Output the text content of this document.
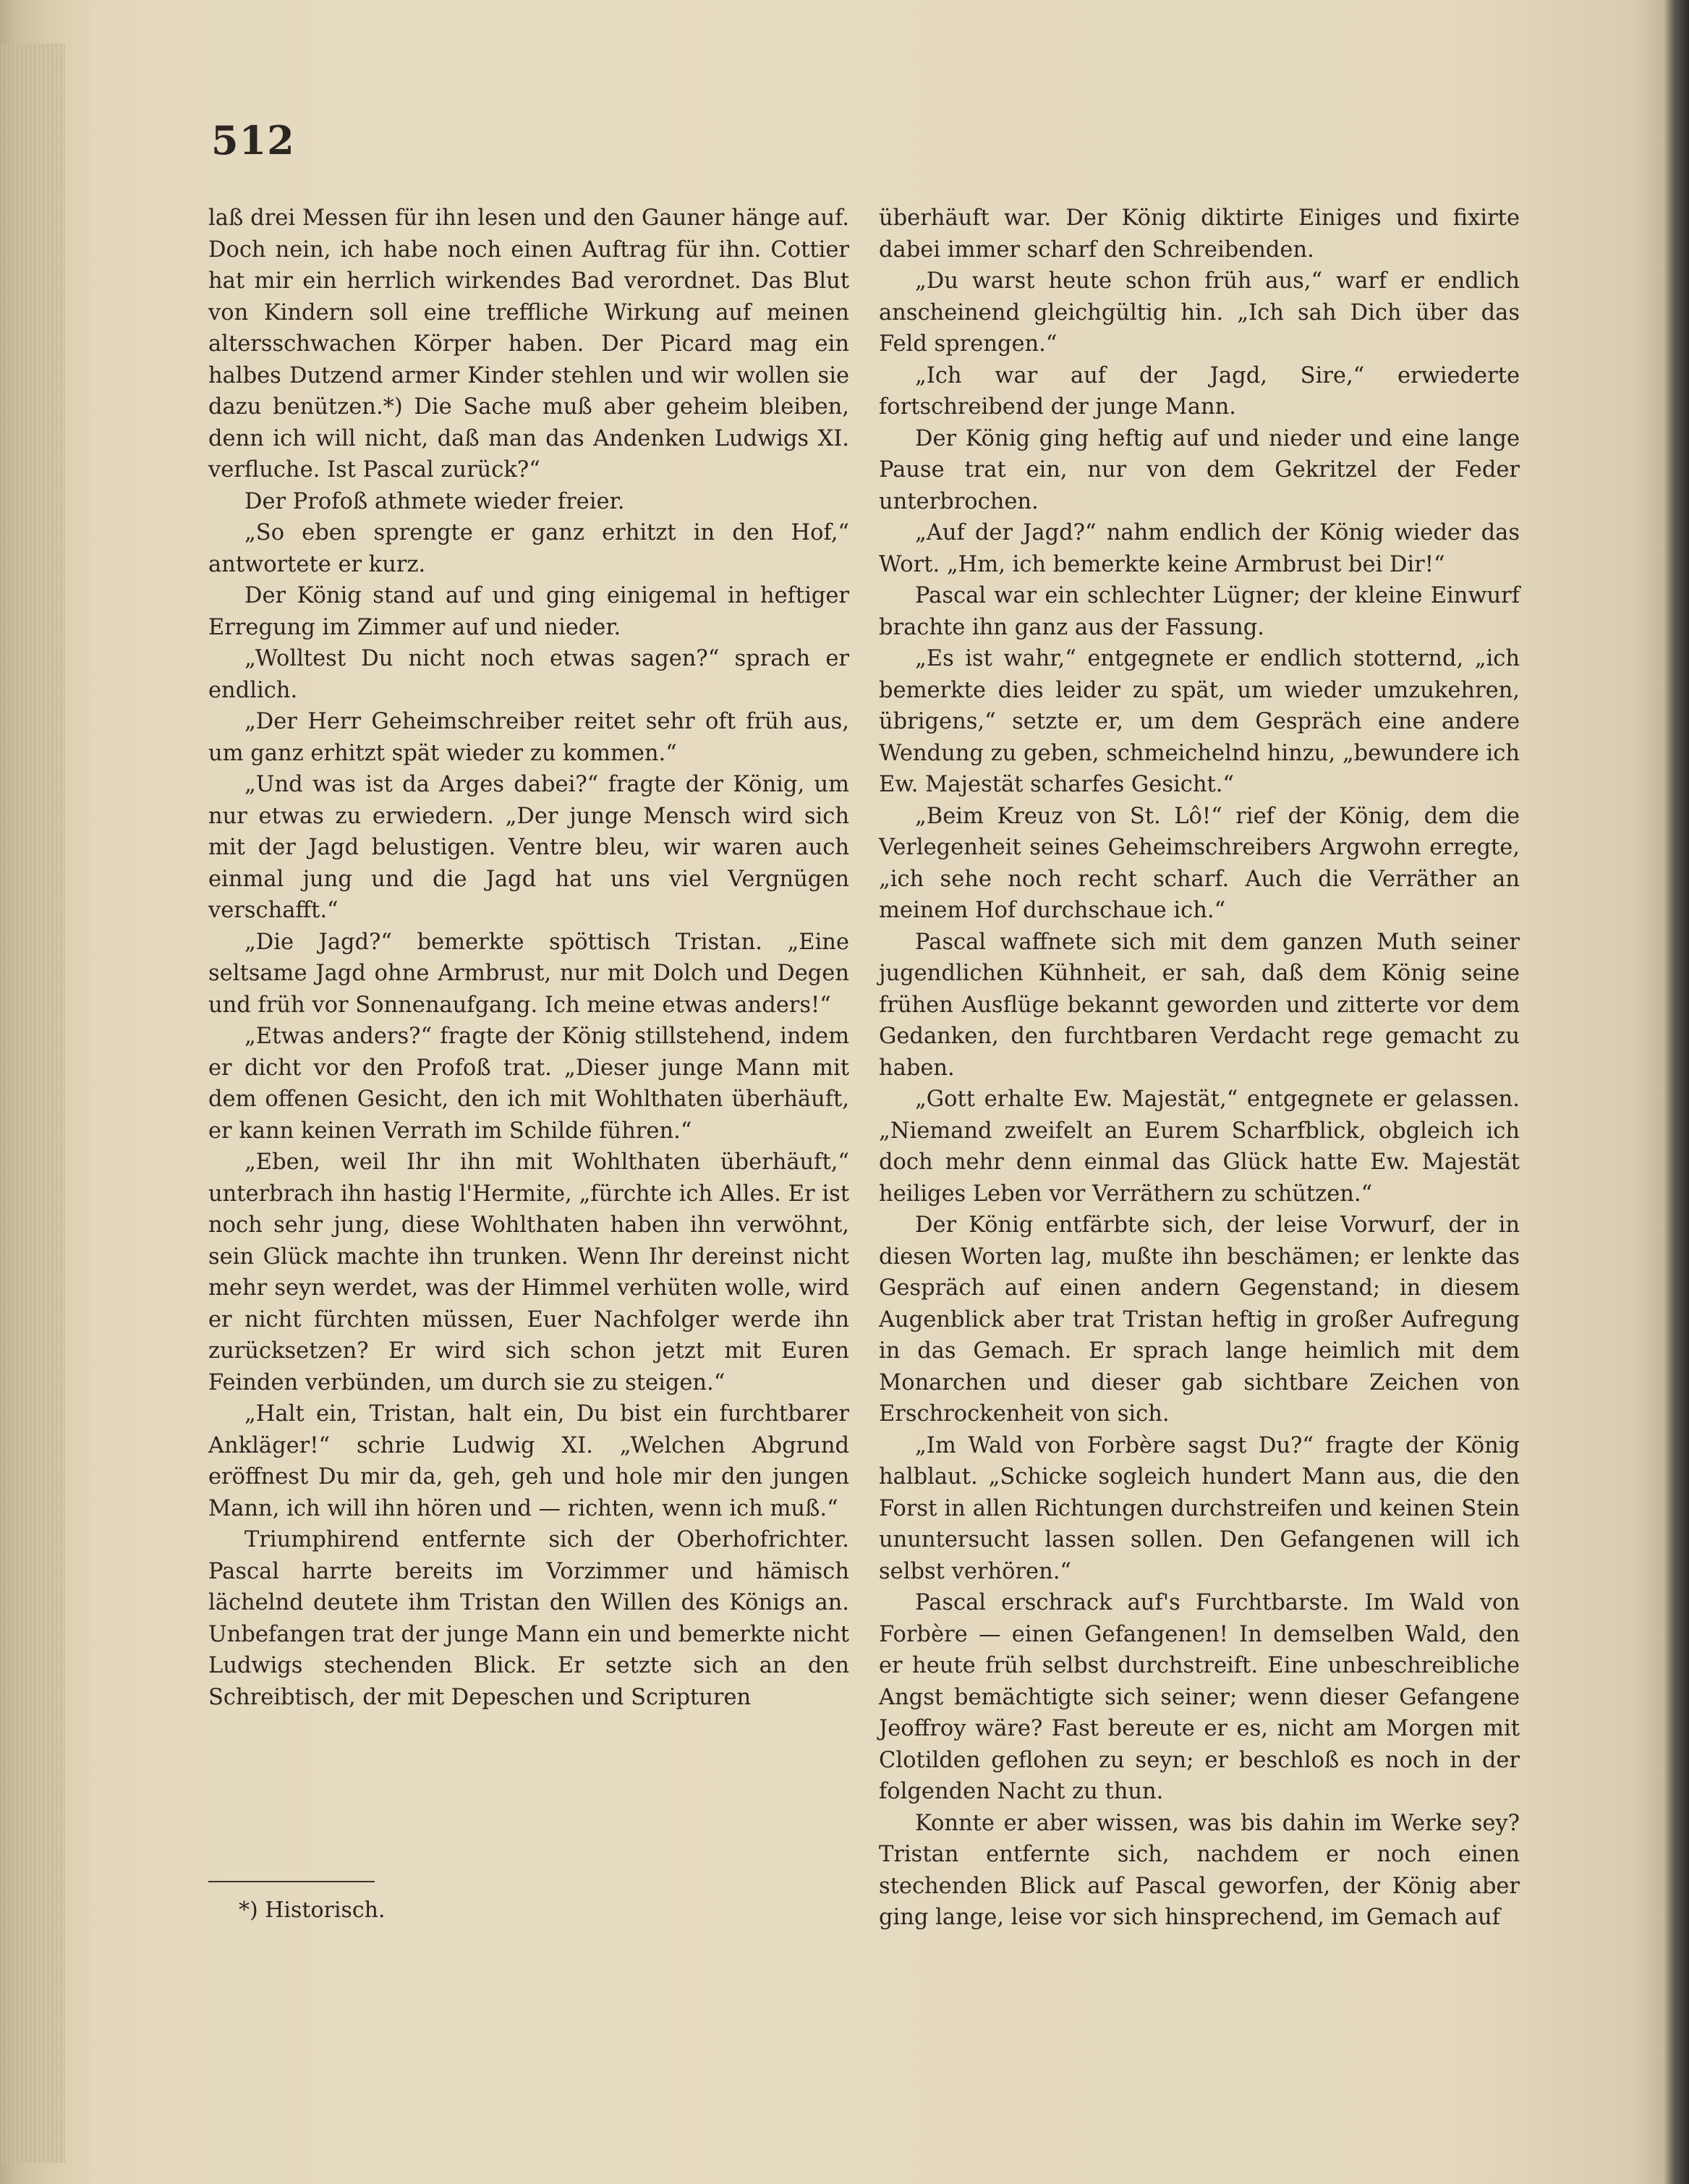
512

laß drei Messen für ihn lesen und den Gauner hänge auf. Doch nein, ich habe noch einen Auftrag für ihn. Cottier hat mir ein herrlich wirkendes Bad verordnet. Das Blut von Kindern soll eine treffliche Wirkung auf meinen altersschwachen Körper haben. Der Picard mag ein halbes Dutzend armer Kinder stehlen und wir wollen sie dazu benützen.*) Die Sache muß aber geheim bleiben, denn ich will nicht, daß man das Andenken Ludwigs XI. verfluche. Ist Pascal zurück?“

Der Profoß athmete wieder freier.

„So eben sprengte er ganz erhitzt in den Hof,“ antwortete er kurz.

Der König stand auf und ging einigemal in heftiger Erregung im Zimmer auf und nieder.

„Wolltest Du nicht noch etwas sagen?“ sprach er endlich.

„Der Herr Geheimschreiber reitet sehr oft früh aus, um ganz erhitzt spät wieder zu kommen.“

„Und was ist da Arges dabei?“ fragte der König, um nur etwas zu erwiedern. „Der junge Mensch wird sich mit der Jagd belustigen. Ventre bleu, wir waren auch einmal jung und die Jagd hat uns viel Vergnügen verschafft.“

„Die Jagd?“ bemerkte spöttisch Tristan. „Eine seltsame Jagd ohne Armbrust, nur mit Dolch und Degen und früh vor Sonnenaufgang. Ich meine etwas anders!“

„Etwas anders?“ fragte der König stillstehend, indem er dicht vor den Profoß trat. „Dieser junge Mann mit dem offenen Gesicht, den ich mit Wohlthaten überhäuft, er kann keinen Verrath im Schilde führen.“

„Eben, weil Ihr ihn mit Wohlthaten überhäuft,“ unterbrach ihn hastig l'Hermite, „fürchte ich Alles. Er ist noch sehr jung, diese Wohlthaten haben ihn verwöhnt, sein Glück machte ihn trunken. Wenn Ihr dereinst nicht mehr seyn werdet, was der Himmel verhüten wolle, wird er nicht fürchten müssen, Euer Nachfolger werde ihn zurücksetzen? Er wird sich schon jetzt mit Euren Feinden verbünden, um durch sie zu steigen.“

„Halt ein, Tristan, halt ein, Du bist ein furchtbarer Ankläger!“ schrie Ludwig XI. „Welchen Abgrund eröffnest Du mir da, geh, geh und hole mir den jungen Mann, ich will ihn hören und — richten, wenn ich muß.“

Triumphirend entfernte sich der Oberhofrichter. Pascal harrte bereits im Vorzimmer und hämisch lächelnd deutete ihm Tristan den Willen des Königs an. Unbefangen trat der junge Mann ein und bemerkte nicht Ludwigs stechenden Blick. Er setzte sich an den Schreibtisch, der mit Depeschen und Scripturen

überhäuft war. Der König diktirte Einiges und fixirte dabei immer scharf den Schreibenden.

„Du warst heute schon früh aus,“ warf er endlich anscheinend gleichgültig hin. „Ich sah Dich über das Feld sprengen.“

„Ich war auf der Jagd, Sire,“ erwiederte fortschreibend der junge Mann.

Der König ging heftig auf und nieder und eine lange Pause trat ein, nur von dem Gekritzel der Feder unterbrochen.

„Auf der Jagd?“ nahm endlich der König wieder das Wort. „Hm, ich bemerkte keine Armbrust bei Dir!“

Pascal war ein schlechter Lügner; der kleine Einwurf brachte ihn ganz aus der Fassung.

„Es ist wahr,“ entgegnete er endlich stotternd, „ich bemerkte dies leider zu spät, um wieder umzukehren, übrigens,“ setzte er, um dem Gespräch eine andere Wendung zu geben, schmeichelnd hinzu, „bewundere ich Ew. Majestät scharfes Gesicht.“

„Beim Kreuz von St. Lô!“ rief der König, dem die Verlegenheit seines Geheimschreibers Argwohn erregte, „ich sehe noch recht scharf. Auch die Verräther an meinem Hof durchschaue ich.“

Pascal waffnete sich mit dem ganzen Muth seiner jugendlichen Kühnheit, er sah, daß dem König seine frühen Ausflüge bekannt geworden und zitterte vor dem Gedanken, den furchtbaren Verdacht rege gemacht zu haben.

„Gott erhalte Ew. Majestät,“ entgegnete er gelassen. „Niemand zweifelt an Eurem Scharfblick, obgleich ich doch mehr denn einmal das Glück hatte Ew. Majestät heiliges Leben vor Verräthern zu schützen.“

Der König entfärbte sich, der leise Vorwurf, der in diesen Worten lag, mußte ihn beschämen; er lenkte das Gespräch auf einen andern Gegenstand; in diesem Augenblick aber trat Tristan heftig in großer Aufregung in das Gemach. Er sprach lange heimlich mit dem Monarchen und dieser gab sichtbare Zeichen von Erschrockenheit von sich.

„Im Wald von Forbère sagst Du?“ fragte der König halblaut. „Schicke sogleich hundert Mann aus, die den Forst in allen Richtungen durchstreifen und keinen Stein ununtersucht lassen sollen. Den Gefangenen will ich selbst verhören.“

Pascal erschrack auf's Furchtbarste. Im Wald von Forbère — einen Gefangenen! In demselben Wald, den er heute früh selbst durchstreift. Eine unbeschreibliche Angst bemächtigte sich seiner; wenn dieser Gefangene Jeoffroy wäre? Fast bereute er es, nicht am Morgen mit Clotilden geflohen zu seyn; er beschloß es noch in der folgenden Nacht zu thun.

Konnte er aber wissen, was bis dahin im Werke sey? Tristan entfernte sich, nachdem er noch einen stechenden Blick auf Pascal geworfen, der König aber ging lange, leise vor sich hinsprechend, im Gemach auf

*) Historisch.
